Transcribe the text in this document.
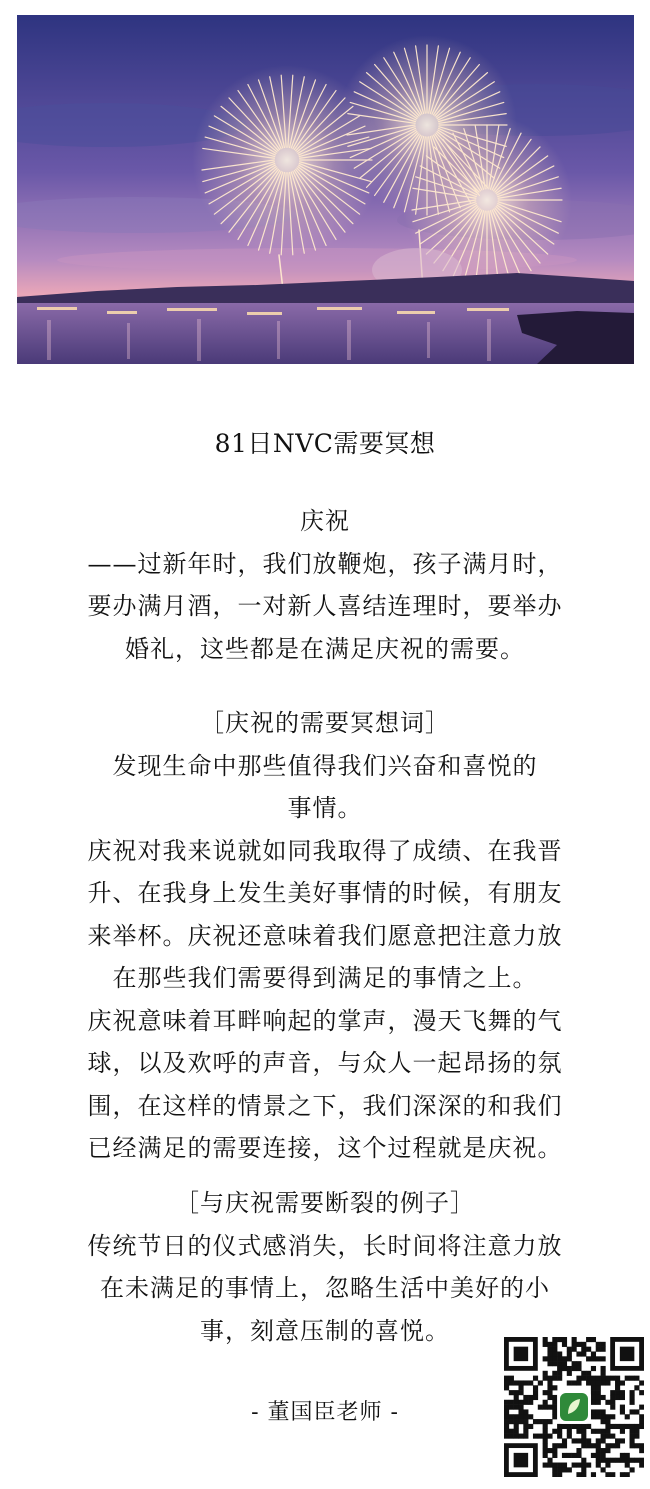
81日NVC需要冥想
庆祝
——过新年时，我们放鞭炮，孩子满月时，
要办满月酒，一对新人喜结连理时，要举办
婚礼，这些都是在满足庆祝的需要。
［庆祝的需要冥想词］
发现生命中那些值得我们兴奋和喜悦的
事情。
庆祝对我来说就如同我取得了成绩、在我晋
升、在我身上发生美好事情的时候，有朋友
来举杯。庆祝还意味着我们愿意把注意力放
在那些我们需要得到满足的事情之上。
庆祝意味着耳畔响起的掌声，漫天飞舞的气
球，以及欢呼的声音，与众人一起昂扬的氛
围，在这样的情景之下，我们深深的和我们
已经满足的需要连接，这个过程就是庆祝。
［与庆祝需要断裂的例子］
传统节日的仪式感消失，长时间将注意力放
在未满足的事情上，忽略生活中美好的小
事，刻意压制的喜悦。
- 董国臣老师 -
